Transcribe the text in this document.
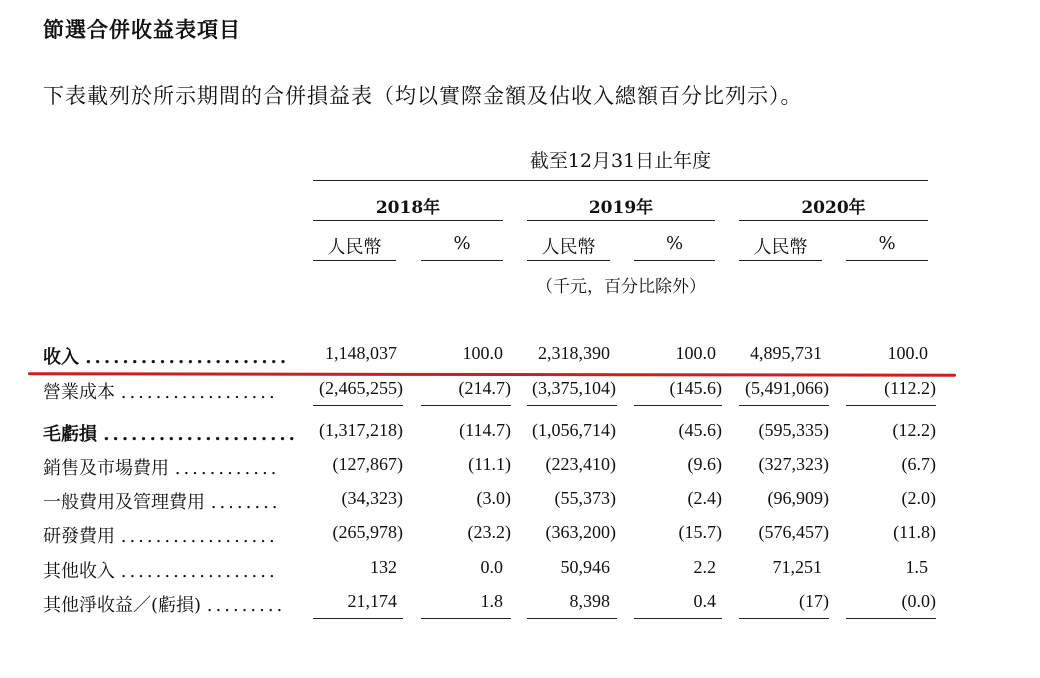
節選合併收益表項目
下表載列於所示期間的合併損益表（均以實際金額及佔收入總額百分比列示）。
截至12月31日止年度
2018年	2019年	2020年
人民幣	%	人民幣	%	人民幣	%
（千元，百分比除外）
收入 ......................	1,148,037	100.0	2,318,390	100.0	4,895,731	100.0
營業成本 ..................	(2,465,255)	(214.7)	(3,375,104)	(145.6)	(5,491,066)	(112.2)
毛虧損 .....................	(1,317,218)	(114.7)	(1,056,714)	(45.6)	(595,335)	(12.2)
銷售及市場費用 ............	(127,867)	(11.1)	(223,410)	(9.6)	(327,323)	(6.7)
一般費用及管理費用 ........	(34,323)	(3.0)	(55,373)	(2.4)	(96,909)	(2.0)
研發費用 ..................	(265,978)	(23.2)	(363,200)	(15.7)	(576,457)	(11.8)
其他收入 ..................	132	0.0	50,946	2.2	71,251	1.5
其他淨收益／(虧損) .........	21,174	1.8	8,398	0.4	(17)	(0.0)
